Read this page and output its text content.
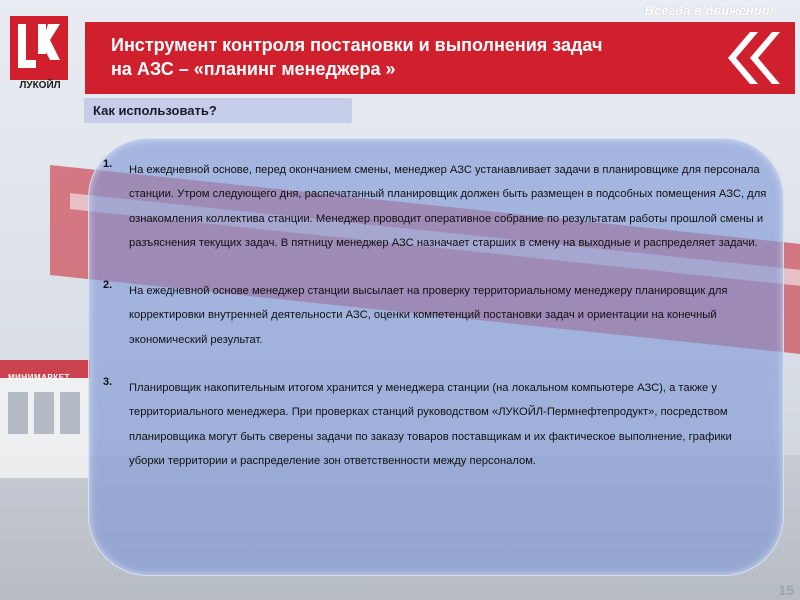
МИНИМАРКЕТ
ЛУКОЙЛ
Всегда в движении!
Инструмент контроля постановки и выполнения задач
на АЗС – «планинг менеджера »
Как использовать?
1. На ежедневной основе, перед окончанием смены, менеджер АЗС устанавливает задачи в планировщике для персонала станции. Утром следующего дня, распечатанный планировщик должен быть размещен в подсобных помещения АЗС, для ознакомления коллектива станции. Менеджер проводит оперативное собрание по результатам работы прошлой смены и разъяснения текущих задач. В пятницу менеджер АЗС назначает старших в смену на выходные и распределяет задачи.

2. На ежедневной основе менеджер станции высылает на проверку территориальному менеджеру планировщик для корректировки внутренней деятельности АЗС, оценки компетенций постановки задач и ориентации на конечный экономический результат.

3. Планировщик накопительным итогом хранится у менеджера станции (на локальном компьютере АЗС), а также у территориального менеджера. При проверках станций руководством «ЛУКОЙЛ-Пермнефтепродукт», посредством планировщика могут быть сверены задачи по заказу товаров поставщикам и их фактическое выполнение, графики уборки территории и распределение зон ответственности между персоналом.

15
